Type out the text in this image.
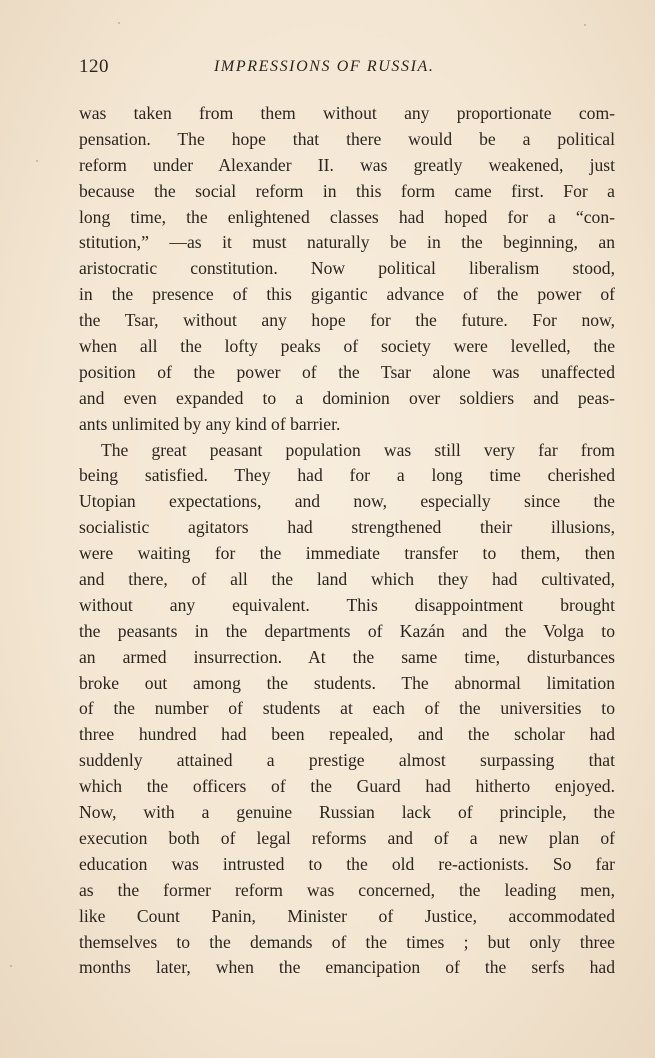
120	IMPRESSIONS OF RUSSIA.
was taken from them without any proportionate com-
pensation. The hope that there would be a political
reform under Alexander II. was greatly weakened, just
because the social reform in this form came first. For a
long time, the enlightened classes had hoped for a “con-
stitution,” —as it must naturally be in the beginning, an
aristocratic constitution. Now political liberalism stood,
in the presence of this gigantic advance of the power of
the Tsar, without any hope for the future. For now,
when all the lofty peaks of society were levelled, the
position of the power of the Tsar alone was unaffected
and even expanded to a dominion over soldiers and peas-
ants unlimited by any kind of barrier.
The great peasant population was still very far from
being satisfied. They had for a long time cherished
Utopian expectations, and now, especially since the
socialistic agitators had strengthened their illusions,
were waiting for the immediate transfer to them, then
and there, of all the land which they had cultivated,
without any equivalent. This disappointment brought
the peasants in the departments of Kazán and the Volga to
an armed insurrection. At the same time, disturbances
broke out among the students. The abnormal limitation
of the number of students at each of the universities to
three hundred had been repealed, and the scholar had
suddenly attained a prestige almost surpassing that
which the officers of the Guard had hitherto enjoyed.
Now, with a genuine Russian lack of principle, the
execution both of legal reforms and of a new plan of
education was intrusted to the old re-actionists. So far
as the former reform was concerned, the leading men,
like Count Panin, Minister of Justice, accommodated
themselves to the demands of the times ; but only three
months later, when the emancipation of the serfs had
